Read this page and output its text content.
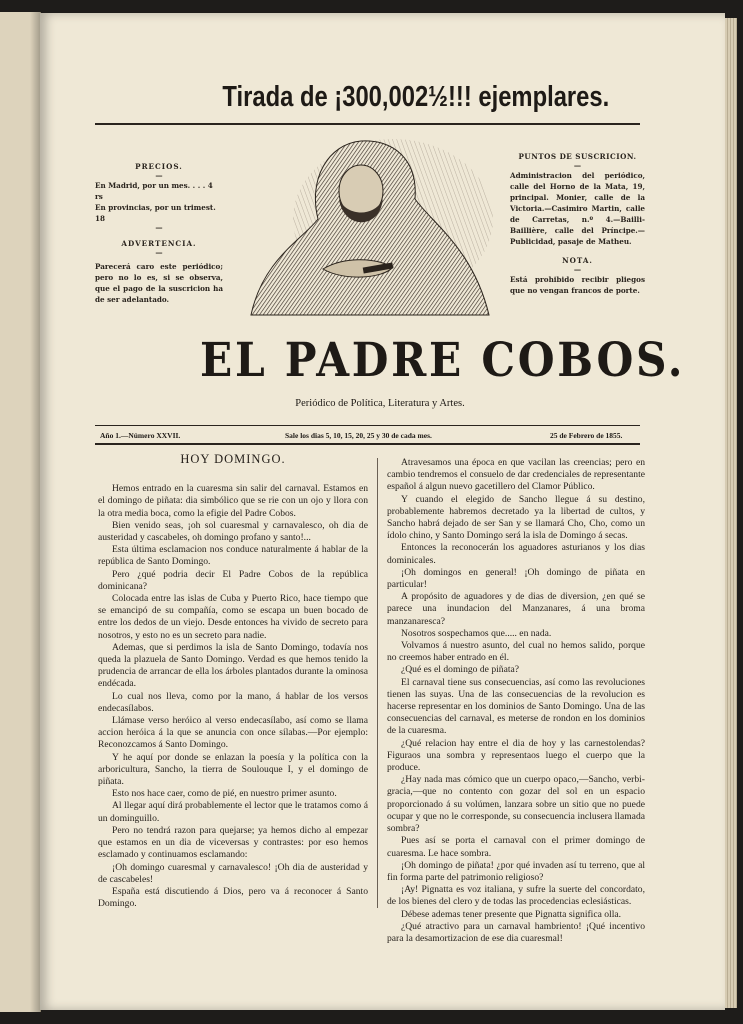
Tirada de ¡300,002½!!! ejemplares.
PRECIOS.
—
En Madrid, por un mes. . . . 4 rs
En provincias, por un trimest. 18
—
ADVERTENCIA.
—
Parecerá caro este periódico; pero no lo es, si se observa, que el pago de la suscricion ha de ser adelantado.
PUNTOS DE SUSCRICION.
—
Administracion del periódico, calle del Horno de la Mata, 19, principal. Monier, calle de la Victoria.—Casimiro Martin, calle de Carretas, n.º 4.—Bailli-Baillière, calle del Príncipe.—Publicidad, pasaje de Matheu.
NOTA.
—
Está prohibido recibir pliegos que no vengan francos de porte.
EL PADRE COBOS.
Periódico de Política, Literatura y Artes.
Año 1.—Número XXVII.	Sale los dias 5, 10, 15, 20, 25 y 30 de cada mes.	25 de Febrero de 1855.

HOY DOMINGO.

Hemos entrado en la cuaresma sin salir del carnaval. Estamos en el domingo de piñata: dia simbólico que se rie con un ojo y llora con la otra media boca, como la efigie del Padre Cobos.

Bien venido seas, ¡oh sol cuaresmal y carnavalesco, oh dia de austeridad y cascabeles, oh domingo profano y santo!...

Esta última esclamacion nos conduce naturalmente á hablar de la república de Santo Domingo.

Pero ¿qué podria decir El Padre Cobos de la república dominicana?

Colocada entre las islas de Cuba y Puerto Rico, hace tiempo que se emancipó de su compañía, como se escapa un buen bocado de entre los dedos de un viejo. Desde entonces ha vivido de secreto para nosotros, y esto no es un secreto para nadie.

Ademas, que si perdimos la isla de Santo Domingo, todavía nos queda la plazuela de Santo Domingo. Verdad es que hemos tenido la prudencia de arrancar de ella los árboles plantados durante la ominosa endécada.

Lo cual nos lleva, como por la mano, á hablar de los versos endecasílabos.

Llámase verso heróico al verso endecasílabo, así como se llama accion heróica á la que se anuncia con once sílabas.—Por ejemplo: Reconozcamos á Santo Domingo.

Y he aquí por donde se enlazan la poesía y la política con la arboricultura, Sancho, la tierra de Soulouque I, y el domingo de piñata.

Esto nos hace caer, como de pié, en nuestro primer asunto.

Al llegar aquí dirá probablemente el lector que le tratamos como á un dominguillo.

Pero no tendrá razon para quejarse; ya hemos dicho al empezar que estamos en un dia de viceversas y contrastes: por eso hemos esclamado y continuamos esclamando:

¡Oh domingo cuaresmal y carnavalesco! ¡Oh dia de austeridad y de cascabeles!

España está discutiendo á Dios, pero va á reconocer á Santo Domingo.

Atravesamos una época en que vacilan las creencias; pero en cambio tendremos el consuelo de dar credenciales de representante español á algun nuevo gacetillero del Clamor Público.

Y cuando el elegido de Sancho llegue á su destino, probablemente habremos decretado ya la libertad de cultos, y Sancho habrá dejado de ser San y se llamará Cho, Cho, como un ídolo chino, y Santo Domingo será la isla de Domingo á secas.

Entonces la reconocerán los aguadores asturianos y los dias dominicales.

¡Oh domingos en general! ¡Oh domingo de piñata en particular!

A propósito de aguadores y de dias de diversion, ¿en qué se parece una inundacion del Manzanares, á una broma manzanaresca?

Nosotros sospechamos que..... en nada.

Volvamos á nuestro asunto, del cual no hemos salido, porque no creemos haber entrado en él.

¿Qué es el domingo de piñata?

El carnaval tiene sus consecuencias, así como las revoluciones tienen las suyas. Una de las consecuencias de la revolucion es hacerse representar en los dominios de Santo Domingo. Una de las consecuencias del carnaval, es meterse de rondon en los dominios de la cuaresma.

¿Qué relacion hay entre el dia de hoy y las carnestolendas? Figuraos una sombra y representaos luego el cuerpo que la produce.

¿Hay nada mas cómico que un cuerpo opaco,—Sancho, verbi-gracia,—que no contento con gozar del sol en un espacio proporcionado á su volúmen, lanzara sobre un sitio que no puede ocupar y que no le corresponde, su consecuencia inclusera llamada sombra?

Pues así se porta el carnaval con el primer domingo de cuaresma. Le hace sombra.

¡Oh domingo de piñata! ¿por qué invaden así tu terreno, que al fin forma parte del patrimonio religioso?

¡Ay! Pignatta es voz italiana, y sufre la suerte del concordato, de los bienes del clero y de todas las procedencias eclesiásticas.

Débese ademas tener presente que Pignatta significa olla.

¿Qué atractivo para un carnaval hambriento! ¡Qué incentivo para la desamortizacion de ese dia cuaresmal!
